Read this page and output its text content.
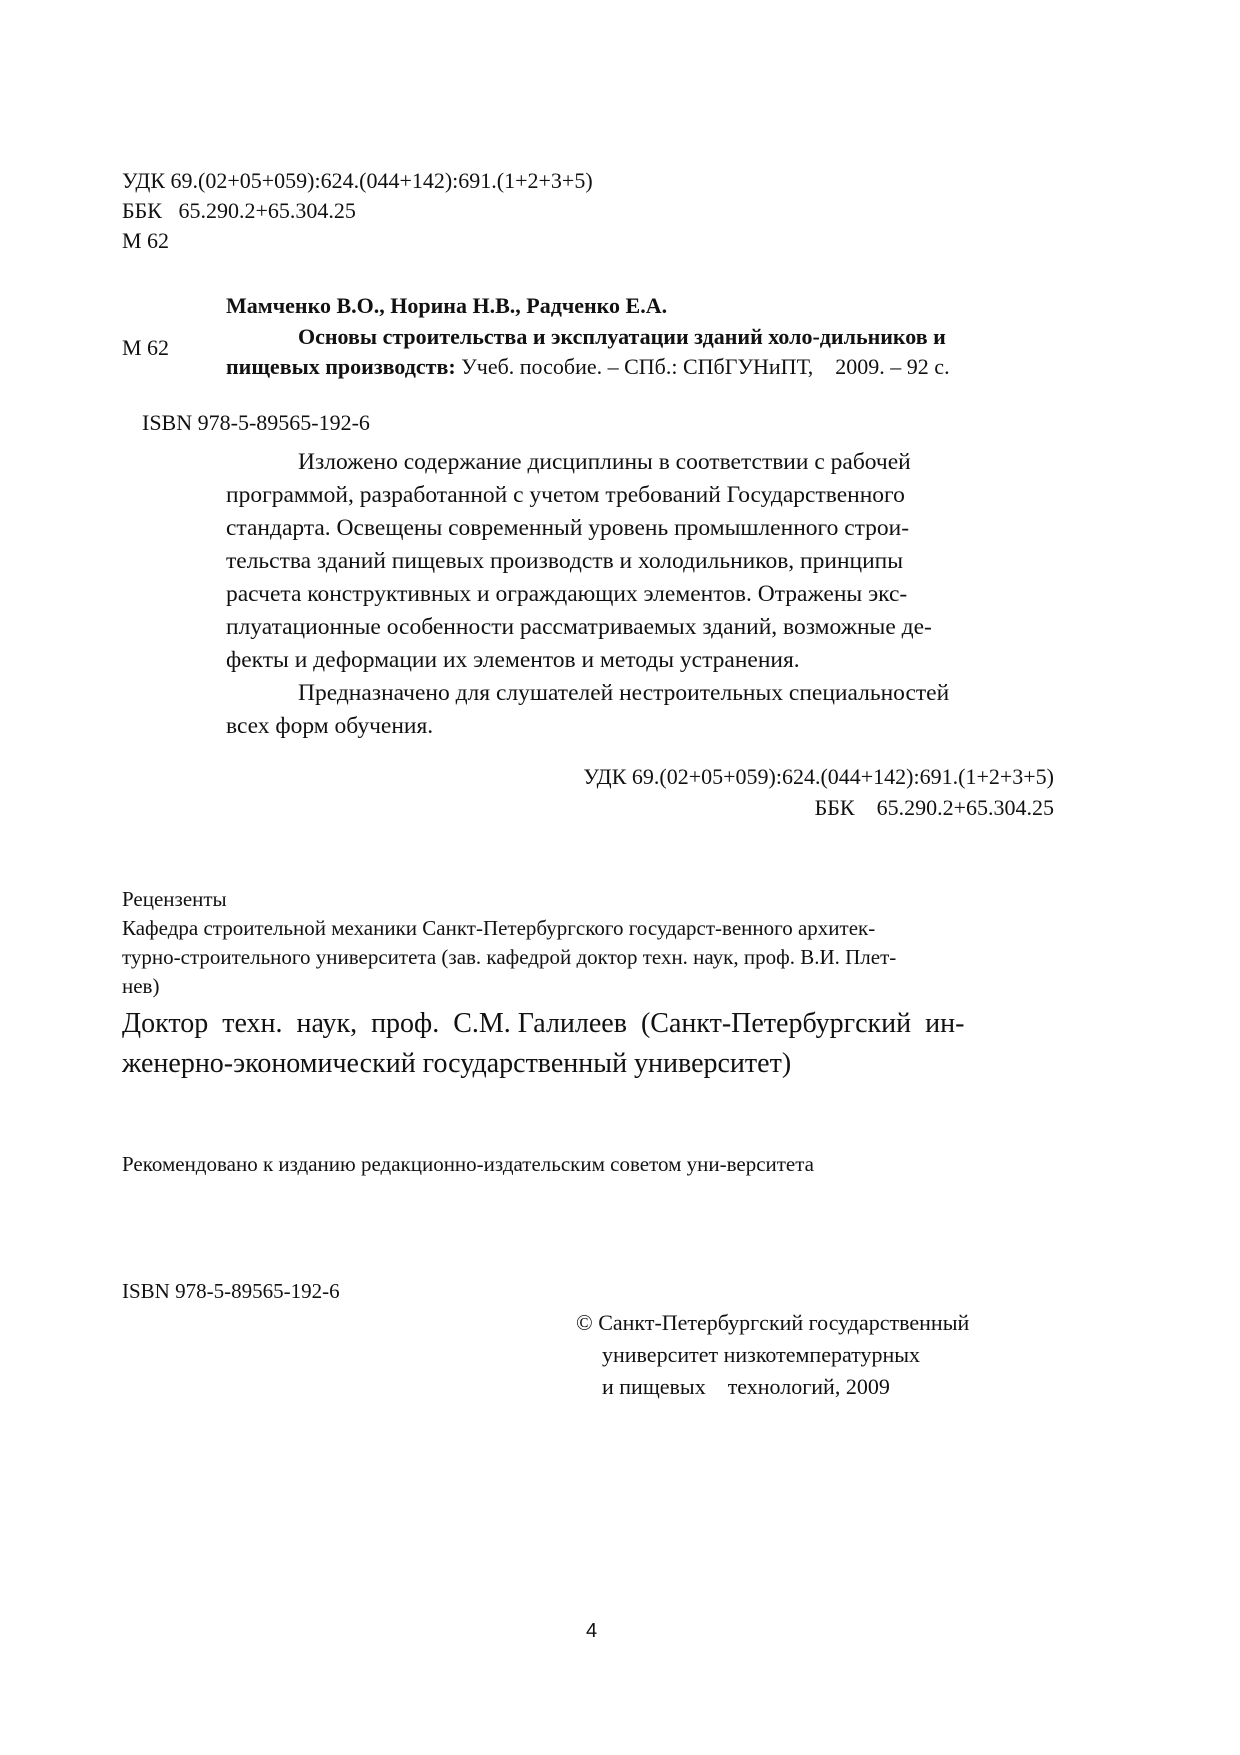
УДК 69.(02+05+059):624.(044+142):691.(1+2+3+5)
ББК   65.290.2+65.304.25
М 62
М 62
Мамченко В.О., Норина Н.В., Радченко Е.А.
Основы строительства и эксплуатации зданий холо-дильников и
пищевых производств: Учеб. пособие. – СПб.: СПбГУНиПТ,    2009. – 92 с.
ISBN 978-5-89565-192-6
Изложено содержание дисциплины в соответствии с рабочей
программой, разработанной с учетом требований Государственного
стандарта. Освещены современный уровень промышленного строи-
тельства зданий пищевых производств и холодильников, принципы
расчета конструктивных и ограждающих элементов. Отражены экс-
плуатационные особенности рассматриваемых зданий, возможные де-
фекты и деформации их элементов и методы устранения.
Предназначено для слушателей нестроительных специальностей
всех форм обучения.
УДК 69.(02+05+059):624.(044+142):691.(1+2+3+5)
ББК    65.290.2+65.304.25
Рецензенты
Кафедра строительной механики Санкт-Петербургского государст-венного архитек-
турно-строительного университета (зав. кафедрой доктор техн. наук, проф. В.И. Плет-
нев)
Доктор  техн.  наук,  проф.  С.М. Галилеев  (Санкт-Петербургский  ин-
женерно-экономический государственный университет)
Рекомендовано к изданию редакционно-издательским советом уни-верситета
ISBN 978-5-89565-192-6
© Санкт-Петербургский государственный
университет низкотемпературных
и пищевых    технологий, 2009
4
